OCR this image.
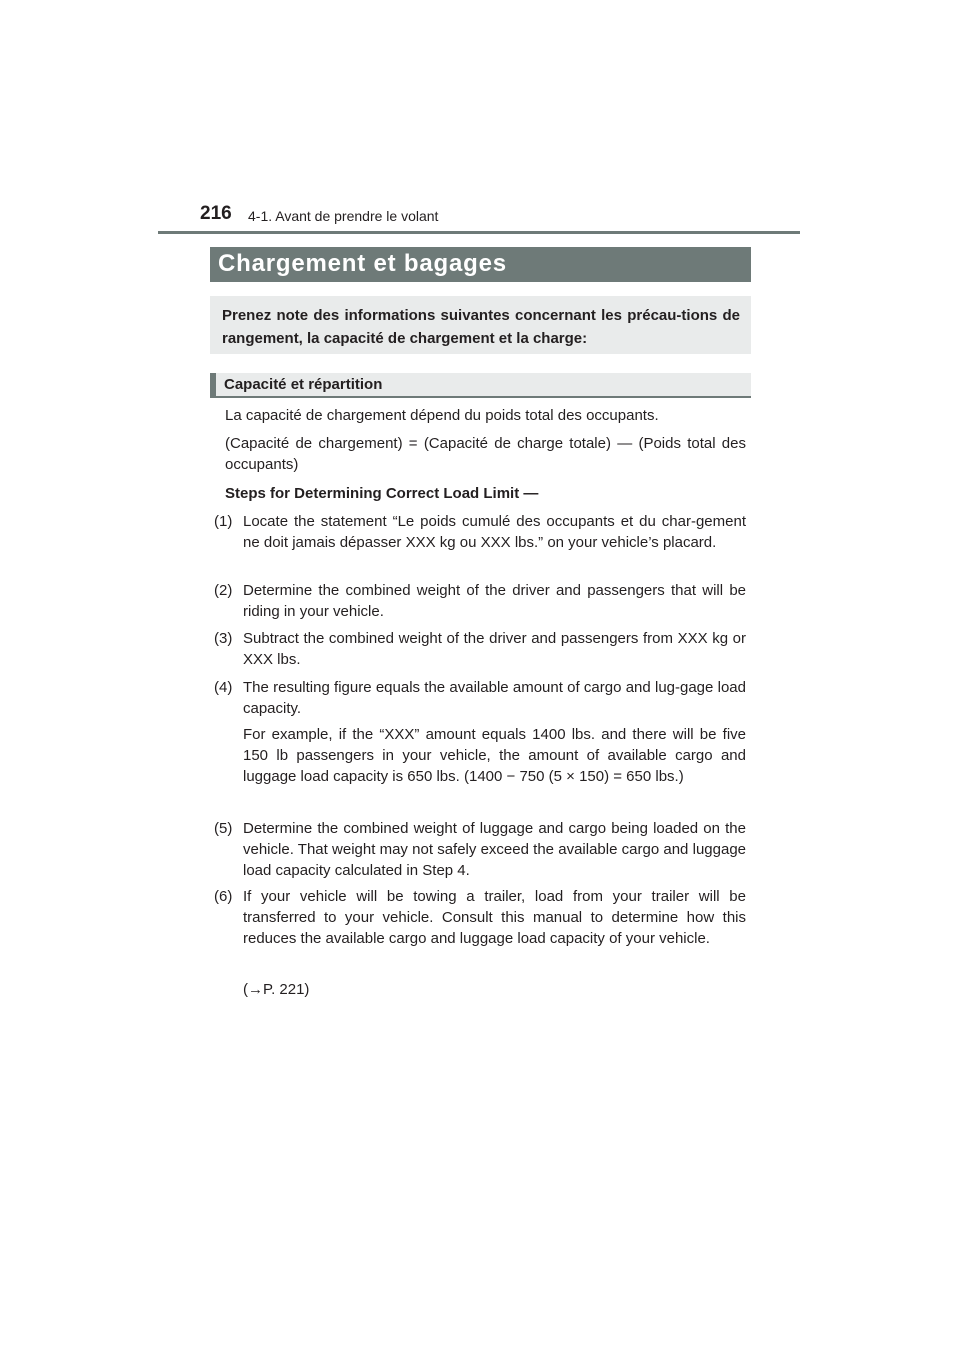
216 4-1. Avant de prendre le volant
Chargement et bagages
Prenez note des informations suivantes concernant les précau-tions de rangement, la capacité de chargement et la charge:
Capacité et répartition

La capacité de chargement dépend du poids total des occupants.

(Capacité de chargement) = (Capacité de charge totale) — (Poids total des occupants)

Steps for Determining Correct Load Limit —

(1) Locate the statement “Le poids cumulé des occupants et du char-gement ne doit jamais dépasser XXX kg ou XXX lbs.” on your vehicle’s placard.
(2) Determine the combined weight of the driver and passengers that will be riding in your vehicle.
(3) Subtract the combined weight of the driver and passengers from XXX kg or XXX lbs.
(4) The resulting figure equals the available amount of cargo and lug-gage load capacity.
For example, if the “XXX” amount equals 1400 lbs. and there will be five 150 lb passengers in your vehicle, the amount of available cargo and luggage load capacity is 650 lbs. (1400 − 750 (5 × 150) = 650 lbs.)
(5) Determine the combined weight of luggage and cargo being loaded on the vehicle. That weight may not safely exceed the available cargo and luggage load capacity calculated in Step 4.
(6) If your vehicle will be towing a trailer, load from your trailer will be transferred to your vehicle. Consult this manual to determine how this reduces the available cargo and luggage load capacity of your vehicle.
(→P. 221)
